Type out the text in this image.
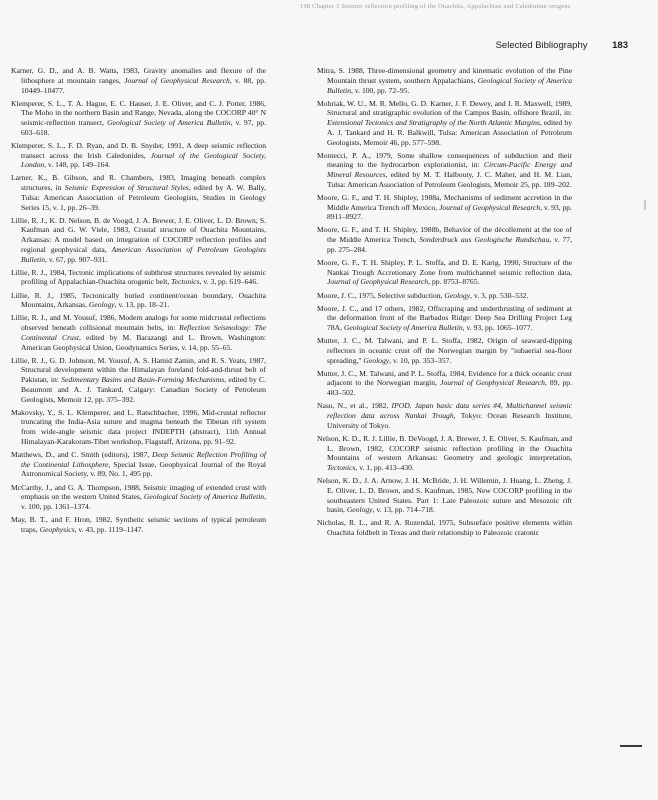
198 Chapter 3 Seismic reflection profiling of the Ouachita, Appalachian and Caledonian orogens
Selected Bibliography	183

Karner, G. D., and A. B. Watts, 1983, Gravity anomalies and flexure of the lithosphere at mountain ranges, Journal of Geophysical Research, v. 88, pp. 10449–10477.

Klemperer, S. L., T. A. Hague, E. C. Hauser, J. E. Oliver, and C. J. Potter, 1986, The Moho in the northern Basin and Range, Nevada, along the COCORP 40° N seismic-reflection transect, Geological Society of America Bulletin, v. 97, pp. 603–618.

Klemperer, S. L., F. D. Ryan, and D. B. Snyder, 1991, A deep seismic reflection transect across the Irish Caledonides, Journal of the Geological Society, London, v. 148, pp. 149–164.

Larner, K., B. Gibson, and R. Chambers, 1983, Imaging beneath complex structures, in Seismic Expression of Structural Styles, edited by A. W. Bally, Tulsa: American Association of Petroleum Geologists, Studies in Geology Series 15, v. 1, pp. 26–39.

Lillie, R. J., K. D. Nelson, B. de Voogd, J. A. Brewer, J. E. Oliver, L. D. Brown, S. Kaufman and G. W. Viele, 1983, Crustal structure of Ouachita Mountains, Arkansas: A model based on integration of COCORP reflection profiles and regional geophysical data, American Association of Petroleum Geologists Bulletin, v. 67, pp. 907–931.

Lillie, R. J., 1984, Tectonic implications of subthrust structures revealed by seismic profiling of Appalachian-Ouachita orogenic belt, Tectonics, v. 3, pp. 619–646.

Lillie, R. J., 1985, Tectonically buried continent/ocean boundary, Ouachita Mountains, Arkansas, Geology, v. 13, pp. 18–21.

Lillie, R. J., and M. Yousuf, 1986, Modern analogs for some midcrustal reflections observed beneath collisional mountain belts, in: Reflection Seismology: The Continental Crust, edited by M. Barazangi and L. Brown, Washington: American Geophysical Union, Geodynamics Series, v. 14, pp. 55–65.

Lillie, R. J., G. D. Johnson, M. Yousuf, A. S. Hamid Zamin, and R. S. Yeats, 1987, Structural development within the Himalayan foreland fold-and-thrust belt of Pakistan, in: Sedimentary Basins and Basin-Forming Mechanisms, edited by C. Beaumont and A. J. Tankard, Calgary: Canadian Society of Petroleum Geologists, Memoir 12, pp. 375–392.

Makovsky, Y., S. L. Klemperer, and L. Ratschbacher, 1996, Mid-crustal reflector truncating the India-Asia suture and magma beneath the Tibetan rift system from wide-angle seismic data project INDEPTH (abstract), 11th Annual Himalayan-Karakoram-Tibet workshop, Flagstaff, Arizona, pp. 91–92.

Matthews, D., and C. Smith (editors), 1987, Deep Seismic Reflection Profiling of the Continental Lithosphere, Special Issue, Geophysical Journal of the Royal Astronomical Society, v. 89, No. 1, 495 pp.

McCarthy, J., and G. A. Thompson, 1988, Seismic imaging of extended crust with emphasis on the western United States, Geological Society of America Bulletin, v. 100, pp. 1361–1374.

May, B. T., and F. Hron, 1982, Synthetic seismic sections of typical petroleum traps, Geophysics, v. 43, pp. 1119–1147.

Mitra, S. 1988, Three-dimensional geometry and kinematic evolution of the Pine Mountain thrust system, southern Appalachians, Geological Society of America Bulletin, v. 100, pp. 72–95.

Mohriak, W. U., M. R. Mello, G. D. Karner, J. F. Dewey, and J. R. Maxwell, 1989, Structural and stratigraphic evolution of the Campos Basin, offshore Brazil, in: Extensional Tectonics and Stratigraphy of the North Atlantic Margins, edited by A. J. Tankard and H. R. Balkwill, Tulsa: American Association of Petroleum Geologists, Memoir 46, pp. 577–598.

Montecci, P. A., 1979, Some shallow consequences of subduction and their meaning to the hydrocarbon explorationist, in: Circum-Pacific Energy and Mineral Resources, edited by M. T. Halbouty, J. C. Maher, and H. M. Lian, Tulsa: American Association of Petroleum Geologists, Memoir 25, pp. 189–202.

Moore, G. F., and T. H. Shipley, 1988a, Mechanisms of sediment accretion in the Middle America Trench off Mexico, Journal of Geophysical Research, v. 93, pp. 8911–8927.

Moore, G. F., and T. H. Shipley, 1988b, Behavior of the décollement at the toe of the Middle America Trench, Sonderdruck aus Geologische Rundschau, v. 77, pp. 275–284.

Moore, G. F., T. H. Shipley, P. L. Stoffa, and D. E. Karig, 1990, Structure of the Nankai Trough Accretionary Zone from multichannel seismic reflection data, Journal of Geophysical Research, pp. 8753–8765.

Moore, J. C., 1975, Selective subduction, Geology, v. 3, pp. 530–532.

Moore, J. C., and 17 others, 1982, Offscraping and underthrusting of sediment at the deformation front of the Barbados Ridge: Deep Sea Drilling Project Leg 78A, Geological Society of America Bulletin, v. 93, pp. 1065–1077.

Mutter, J. C., M. Talwani, and P. L. Stoffa, 1982, Origin of seaward-dipping reflectors in oceanic crust off the Norwegian margin by "subaerial sea-floor spreading," Geology, v. 10, pp. 353–357.

Mutter, J. C., M. Talwani, and P. L. Stoffa, 1984, Evidence for a thick oceanic crust adjacent to the Norwegian margin, Journal of Geophysical Research, 89, pp. 483–502.

Nasu, N., et al., 1982, IPOD, Japan basic data series #4, Multichannel seismic reflection data across Nankai Trough, Tokyo: Ocean Research Institute, University of Tokyo.

Nelson, K. D., R. J. Lillie, B. DeVoogd, J. A. Brewer, J. E. Oliver, S. Kaufman, and L. Brown, 1982, COCORP seismic reflection profiling in the Ouachita Mountains of western Arkansas: Geometry and geologic interpretation, Tectonics, v. 1, pp. 413–430.

Nelson, K. D., J. A. Arnow, J. H. McBride, J. H. Willemin, J. Huang, L. Zheng, J. E. Oliver, L. D. Brown, and S. Kaufman, 1985, New COCORP profiling in the southeastern United States. Part 1: Late Paleozoic suture and Mesozoic rift basin, Geology, v. 13, pp. 714–718.

Nicholas, R. L., and R. A. Rozendal, 1975, Subsurface positive elements within Ouachita foldbelt in Texas and their relationship to Paleozoic cratonic
